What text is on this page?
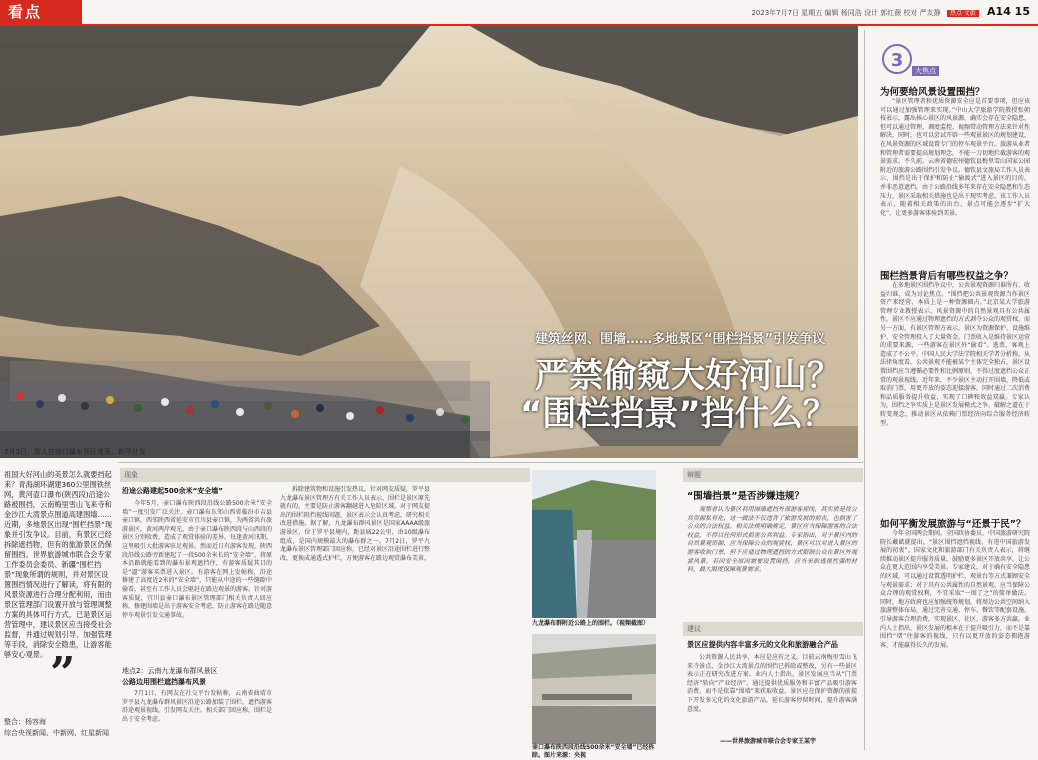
看点	2023年7月7日 星期五 编辑 杨同浩 设计 郭红薇 校对 严友静 热点·文旅 A14 15
建筑丝网、围墙……多地景区“围栏挡景”引发争议
严禁偷窥大好河山？
“围栏挡景”挡什么？
7月3日，游人在壶口瀑布景区观景。新华社发
3	大焦点
为何要给风景设置围挡？
“景区管理者和优质资源安全应是首要事项，但应该可以通过加强管理来实现。”中山大学旅游学院教授张朝枝表示，露出核心景区的风景源，确实会存在安全隐患，但可以通过管理、调度监控、视频带动管理方法来针对性解决，同时，也可以尝试开辟一些观景景区的规划建设，在风景资源的区域设置专门的停车观景平台。旅游从业者和管理者需要提高规划理念，不能一刀切地拦截游客的观景需求。不久前，云南省德宏州德钦县梅里雪山国家公园附近的旅游公路围挡引发争议。德钦县文旅局工作人员表示，围挡是出于保护和防止“偷渡式”进入景区的目的，并非恶意遮挡。由于公路沿线多年来存在安全隐患和生态压力，景区采取相关措施也是出于现实考虑。该工作人员表示，随着相关政策的出台，景点可能会逐步“扩大化”，让更多游客体验到美景。
围栏挡景背后有哪些权益之争？
在多地景区围挡争议中，公共景观资源归谁所有、收益归谁，成为讨论焦点。“围挡把公共景观资源当作景区资产来经营，本质上是一种资源圈占。”北京某大学旅游管理专业教授表示，风景资源中的自然景观具有公共属性，景区不应通过物理遮挡的方式剥夺公众的观赏权。而另一方面，有景区管理方表示，景区为资源保护、设施维护、安全管理投入了大量资金，门票收入是维持景区运营的重要来源，一些游客在景区外“偷看”、逃票，客观上造成了不公平。中国人民大学法学院相关学者分析称，从法律角度看，公共景观不能被某个主体完全独占，景区设置围挡应当遵循必要性和比例原则，不得过度遮挡公众正常的观景视线。近年来，不少景区主动打开围墙，降低或取消门票，用更开放的姿态迎接游客，同时通过二次消费和品质服务提升收益，实现了口碑和效益双赢。专家认为，围挡之争实质上是景区发展模式之争，破解之道在于转变观念，推动景区从依赖门票经济向综合服务经济转型。
如何平衡发展旅游与“还景于民”？
今年全国两会期间，全国政协委员、中国旅游研究院院长戴斌就提出，“景区围挡遮挡视线、有违中国旅游发展的初衷”。国家文化和旅游部门有关负责人表示，将继续推动景区提升服务质量，鼓励更多景区开放共享，让公众在更大范围内享受美景。专家建议，对于确有安全隐患的区域，可以通过设置透明护栏、观景台等方式兼顾安全与观景需求；对于具有公共属性的自然景观，应当保障公众合理的观赏权利，不宜采取“一围了之”的简单做法。同时，地方政府也应加强统筹规划，将周边公共空间纳入旅游整体布局，通过完善交通、停车、餐饮等配套设施，引导游客合理消费，实现景区、社区、游客多方共赢。业内人士指出，景区发展的根本在于提升吸引力，而不是靠围挡“堵”住游客的视线，只有以更开放的姿态拥抱游客，才能赢得长久的发展。
祖国大好河山的美景怎么就要挡起来？青海湖环湖建360公里围铁丝网，黄河壶口瀑布(陕西段)沿途公路被围挡，云南梅里雪山飞来寺和金沙江大湾景点围道高建围墙……近期，多地景区出现“围栏挡景”现象并引发争议。目前，有景区已经拆除遮挡物，但有的旅游景区仍保留围挡。世界旅游城市联合会专家工作委员会委员、新疆“围栏挡景”现象所谓的规则，并对景区设置围挡情况进行了解读，将有限的风景资源进行合理分配利用，而由景区管理部门设置开放与管理调整方案的具体可行方式，已是景区运营管理中，建议景区应当接受社会监督，并通过规划引导、加强管理等手段，消除安全隐患，让游客能够安心观景。 ”
整合：杨容海
综合央视新闻、中新网、红星新闻
现象
沿途公路建起500余米“安全墙”
今年5月，壶口瀑布陕西段沿线公路500余米“安全墙”一度引发广泛关注。壶口瀑布东邻山西省临汾市吉县壶口镇，西邻陕西省延安市宜川县壶口镇，为两省共有旅游景区，黄河两岸观光，由于壶口瀑布陕西段与山西段的景区分别收费，造成了观赏体验的差异。每逢黄河汛期，这里吸引大批游客驻足观景。然而近日有游客发现，陕西段沿线公路旁新建起了一段500余米长的“安全墙”，将原本沿路就能看到的瀑布景观遮挡住，有游客质疑其目的是“逼”游客买票进入景区。有游客在网上发帖称，沿途修建了高度近2米的“安全墙”，只能从中途的一些缝隙中偷看，甚至有工作人员会驱赶在路边观景的游客。针对游客质疑，宜川县壶口瀑布景区管理部门相关负责人回应称，修建围墙是出于游客安全考虑，防止游客在路边随意停车观景引发交通事故。
地点2：云南九龙瀑布群风景区
公路边用围栏遮挡瀑布风景
7月1日，有网友在社交平台发帖称，云南省曲靖市罗平县九龙瀑布群风景区沿途公路加装了围栏，遮挡游客沿途观景视线，引发网友关注。相关部门回应称，围栏是出于安全考虑。
拆除建筑物和设施引发热议。针对网友质疑，罗平县九龙瀑布景区管理方有关工作人员表示，围栏是景区原先就有的，主要是防止游客翻越进入危险区域。对于网友提出的围栏阻挡视线问题，景区表示会认真考虑，研究相关改进措施。据了解，九龙瀑布群风景区是国家AAAA级旅游景区，位于罗平县境内，距县城22公里，由10级瀑布组成，是国内规模最大的瀑布群之一。7月2日，罗平九龙瀑布景区管理部门回应称，已经对景区沿途围栏进行整改，更换成通透式护栏，方便游客在路边观赏瀑布美景。
九龙瀑布群附近公路上的围栏。（视频截图）
壶口瀑布陕西段沿线500余米“安全墙”已经拆除。图片来源：央视
辩题
“围墙挡景”是否涉嫌违规？
观察者认为景区利用围墙遮挡外部游客视线，其实质是将公共资源私有化，这一做法不仅违背了旅游发展的初衷，也损害了公众的合法权益。相关法规明确规定，景区应当保障游客的合法权益，不得以任何形式损害公共利益。专家指出，对于景区内的自然景观资源，应当保障公众的观赏权，景区可以对进入景区的游客收取门票，但不应通过物理遮挡的方式限制公众在景区外观赏风景。若因安全原因需要设置围挡，应当采取透视性强的材料，最大限度保障观景需求。
建议
景区应提供内容丰富多元的文化和旅游融合产品
公共资源人民共享，本应是应有之义。目前云南梅里雪山飞来寺景点、金沙江大湾景点的围挡已拆除或整改，另有一些景区表示正在研究改进方案。业内人士指出，景区发展应当从“门票经济”转向“产业经济”，通过提供优质服务和丰富产品吸引游客消费，而不是依靠“围墙”来获取收益。景区应在保护资源的前提下开发多元化的文化旅游产品，延长游客停留时间，提升游客满意度。
——世界旅游城市联合会专家王某宇
